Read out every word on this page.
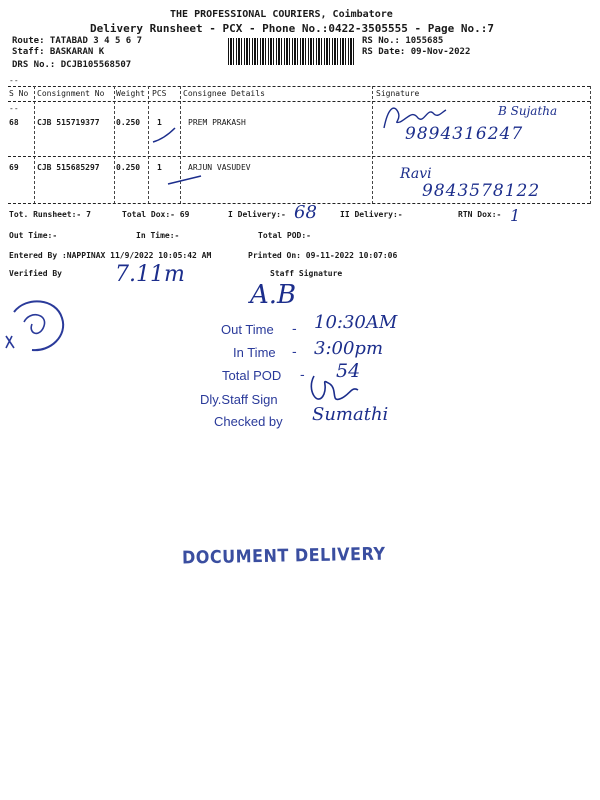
THE PROFESSIONAL COURIERS, Coimbatore
Delivery Runsheet - PCX - Phone No.:0422-3505555 - Page No.:7
Route: TATABAD 3 4 5 6 7
Staff: BASKARAN K
DRS No.: DCJB105568507
RS No.: 1055685
RS Date: 09-Nov-2022
--
S No Consignment No Weight PCS Consignee Details	Signature
--
68 CJB 515719377 0.250 1	PREM PRAKASH
B Sujatha
9894316247
69 CJB 515685297 0.250 1	ARJUN VASUDEV	Ravi
9843578122
Tot. Runsheet:- 7	Total Dox:- 69	I Delivery:- 68	II Delivery:-	RTN Dox:- 1
Out Time:-	In Time:-	Total POD:-
Entered By :NAPPINAX 11/9/2022 10:05:42 AM	Printed On: 09-11-2022 10:07:06
Verified By 7.11m	Staff Signature
A.B
Out Time - 10:30AM
In Time - 3:00pm
Total POD - 54
Dly.Staff Sign
Checked by Sumathi
DOCUMENT DELIVERY
